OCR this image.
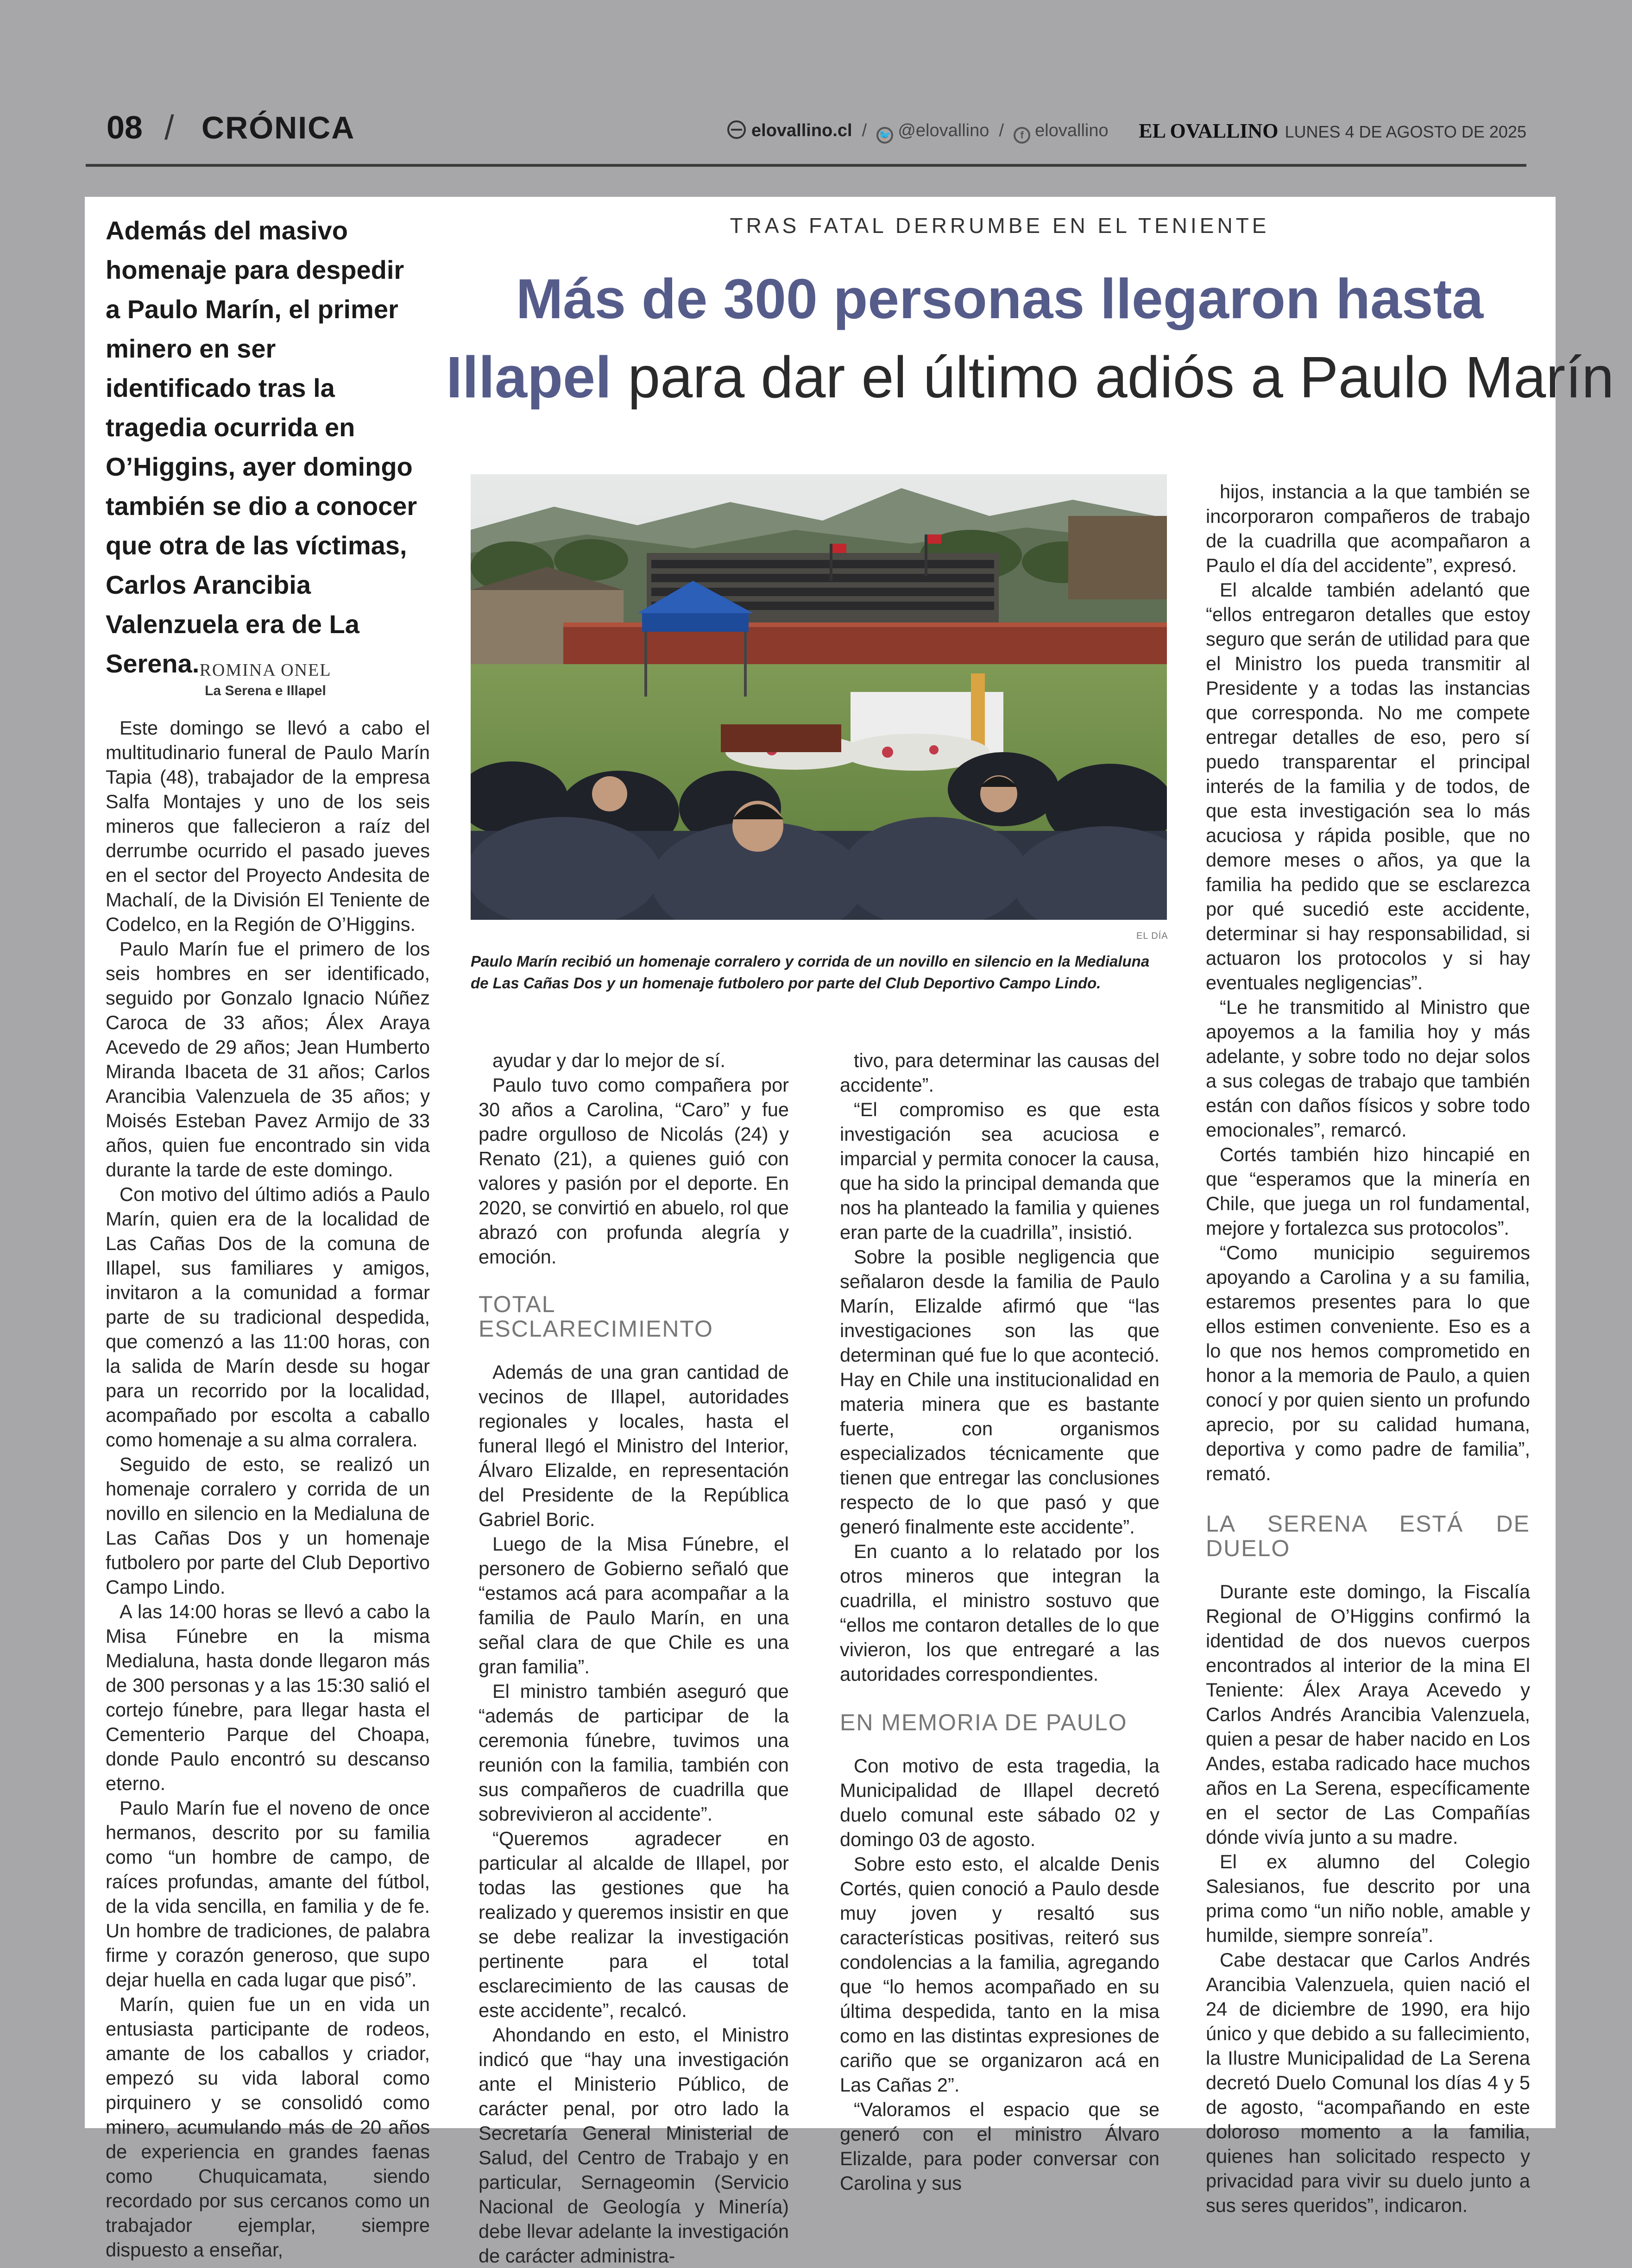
08 / CRÓNICA	elovallino.cl / 🐦 @elovallino / f elovallino EL OVALLINO LUNES 4 DE AGOSTO DE 2025
Además del masivo homenaje para despedir a Paulo Marín, el primer minero en ser identificado tras la tragedia ocurrida en O’Higgins, ayer domingo también se dio a conocer que otra de las víctimas, Carlos Arancibia Valenzuela era de La Serena. ROMINA ONEL
La Serena e Illapel
TRAS FATAL DERRUMBE EN EL TENIENTE
Más de 300 personas llegaron hasta
Illapel para dar el último adiós a Paulo Marín
EL DÍA
Paulo Marín recibió un homenaje corralero y corrida de un novillo en silencio en la Medialuna de Las Cañas Dos y un homenaje futbolero por parte del Club Deportivo Campo Lindo.

Este domingo se llevó a cabo el multitudinario funeral de Paulo Marín Tapia (48), trabajador de la empresa Salfa Montajes y uno de los seis mineros que fallecieron a raíz del derrumbe ocurrido el pasado jueves en el sector del Proyecto Andesita de Machalí, de la División El Teniente de Codelco, en la Región de O’Higgins.

Paulo Marín fue el primero de los seis hombres en ser identificado, seguido por Gonzalo Ignacio Núñez Caroca de 33 años; Álex Araya Acevedo de 29 años; Jean Humberto Miranda Ibaceta de 31 años; Carlos Arancibia Valenzuela de 35 años; y Moisés Esteban Pavez Armijo de 33 años, quien fue encontrado sin vida durante la tarde de este domingo.

Con motivo del último adiós a Paulo Marín, quien era de la localidad de Las Cañas Dos de la comuna de Illapel, sus familiares y amigos, invitaron a la comunidad a formar parte de su tradicional despedida, que comenzó a las 11:00 horas, con la salida de Marín desde su hogar para un recorrido por la localidad, acompañado por escolta a caballo como homenaje a su alma corralera.

Seguido de esto, se realizó un homenaje corralero y corrida de un novillo en silencio en la Medialuna de Las Cañas Dos y un homenaje futbolero por parte del Club Deportivo Campo Lindo.

A las 14:00 horas se llevó a cabo la Misa Fúnebre en la misma Medialuna, hasta donde llegaron más de 300 personas y a las 15:30 salió el cortejo fúnebre, para llegar hasta el Cementerio Parque del Choapa, donde Paulo encontró su descanso eterno.

Paulo Marín fue el noveno de once hermanos, descrito por su familia como “un hombre de campo, de raíces profundas, amante del fútbol, de la vida sencilla, en familia y de fe. Un hombre de tradiciones, de palabra firme y corazón generoso, que supo dejar huella en cada lugar que pisó”.

Marín, quien fue un en vida un entusiasta participante de rodeos, amante de los caballos y criador, empezó su vida laboral como pirquinero y se consolidó como minero, acumulando más de 20 años de experiencia en grandes faenas como Chuquicamata, siendo recordado por sus cercanos como un trabajador ejemplar, siempre dispuesto a enseñar,

ayudar y dar lo mejor de sí.

Paulo tuvo como compañera por 30 años a Carolina, “Caro” y fue padre orgulloso de Nicolás (24) y Renato (21), a quienes guió con valores y pasión por el deporte. En 2020, se convirtió en abuelo, rol que abrazó con profunda alegría y emoción.

TOTAL ESCLARECIMIENTO

Además de una gran cantidad de vecinos de Illapel, autoridades regionales y locales, hasta el funeral llegó el Ministro del Interior, Álvaro Elizalde, en representación del Presidente de la República Gabriel Boric.

Luego de la Misa Fúnebre, el personero de Gobierno señaló que “estamos acá para acompañar a la familia de Paulo Marín, en una señal clara de que Chile es una gran familia”.

El ministro también aseguró que “además de participar de la ceremonia fúnebre, tuvimos una reunión con la familia, también con sus compañeros de cuadrilla que sobrevivieron al accidente”.

“Queremos agradecer en particular al alcalde de Illapel, por todas las gestiones que ha realizado y queremos insistir en que se debe realizar la investigación pertinente para el total esclarecimiento de las causas de este accidente”, recalcó.

Ahondando en esto, el Ministro indicó que “hay una investigación ante el Ministerio Público, de carácter penal, por otro lado la Secretaría General Ministerial de Salud, del Centro de Trabajo y en particular, Sernageomin (Servicio Nacional de Geología y Minería) debe llevar adelante la investigación de carácter administra-

tivo, para determinar las causas del accidente”.

“El compromiso es que esta investigación sea acuciosa e imparcial y permita conocer la causa, que ha sido la principal demanda que nos ha planteado la familia y quienes eran parte de la cuadrilla”, insistió.

Sobre la posible negligencia que señalaron desde la familia de Paulo Marín, Elizalde afirmó que “las investigaciones son las que determinan qué fue lo que aconteció. Hay en Chile una institucionalidad en materia minera que es bastante fuerte, con organismos especializados técnicamente que tienen que entregar las conclusiones respecto de lo que pasó y que generó finalmente este accidente”.

En cuanto a lo relatado por los otros mineros que integran la cuadrilla, el ministro sostuvo que “ellos me contaron detalles de lo que vivieron, los que entregaré a las autoridades correspondientes.

EN MEMORIA DE PAULO

Con motivo de esta tragedia, la Municipalidad de Illapel decretó duelo comunal este sábado 02 y domingo 03 de agosto.

Sobre esto esto, el alcalde Denis Cortés, quien conoció a Paulo desde muy joven y resaltó sus características positivas, reiteró sus condolencias a la familia, agregando que “lo hemos acompañado en su última despedida, tanto en la misa como en las distintas expresiones de cariño que se organizaron acá en Las Cañas 2”.

“Valoramos el espacio que se generó con el ministro Álvaro Elizalde, para poder conversar con Carolina y sus

hijos, instancia a la que también se incorporaron compañeros de trabajo de la cuadrilla que acompañaron a Paulo el día del accidente”, expresó.

El alcalde también adelantó que “ellos entregaron detalles que estoy seguro que serán de utilidad para que el Ministro los pueda transmitir al Presidente y a todas las instancias que corresponda. No me compete entregar detalles de eso, pero sí puedo transparentar el principal interés de la familia y de todos, de que esta investigación sea lo más acuciosa y rápida posible, que no demore meses o años, ya que la familia ha pedido que se esclarezca por qué sucedió este accidente, determinar si hay responsabilidad, si actuaron los protocolos y si hay eventuales negligencias”.

“Le he transmitido al Ministro que apoyemos a la familia hoy y más adelante, y sobre todo no dejar solos a sus colegas de trabajo que también están con daños físicos y sobre todo emocionales”, remarcó.

Cortés también hizo hincapié en que “esperamos que la minería en Chile, que juega un rol fundamental, mejore y fortalezca sus protocolos”.

“Como municipio seguiremos apoyando a Carolina y a su familia, estaremos presentes para lo que ellos estimen conveniente. Eso es a lo que nos hemos comprometido en honor a la memoria de Paulo, a quien conocí y por quien siento un profundo aprecio, por su calidad humana, deportiva y como padre de familia”, remató.

LA SERENA ESTÁ DE DUELO

Durante este domingo, la Fiscalía Regional de O’Higgins confirmó la identidad de dos nuevos cuerpos encontrados al interior de la mina El Teniente: Álex Araya Acevedo y Carlos Andrés Arancibia Valenzuela, quien a pesar de haber nacido en Los Andes, estaba radicado hace muchos años en La Serena, específicamente en el sector de Las Compañías dónde vivía junto a su madre.

El ex alumno del Colegio Salesianos, fue descrito por una prima como “un niño noble, amable y humilde, siempre sonreía”.

Cabe destacar que Carlos Andrés Arancibia Valenzuela, quien nació el 24 de diciembre de 1990, era hijo único y que debido a su fallecimiento, la Ilustre Municipalidad de La Serena decretó Duelo Comunal los días 4 y 5 de agosto, “acompañando en este doloroso momento a la familia, quienes han solicitado respecto y privacidad para vivir su duelo junto a sus seres queridos”, indicaron.
